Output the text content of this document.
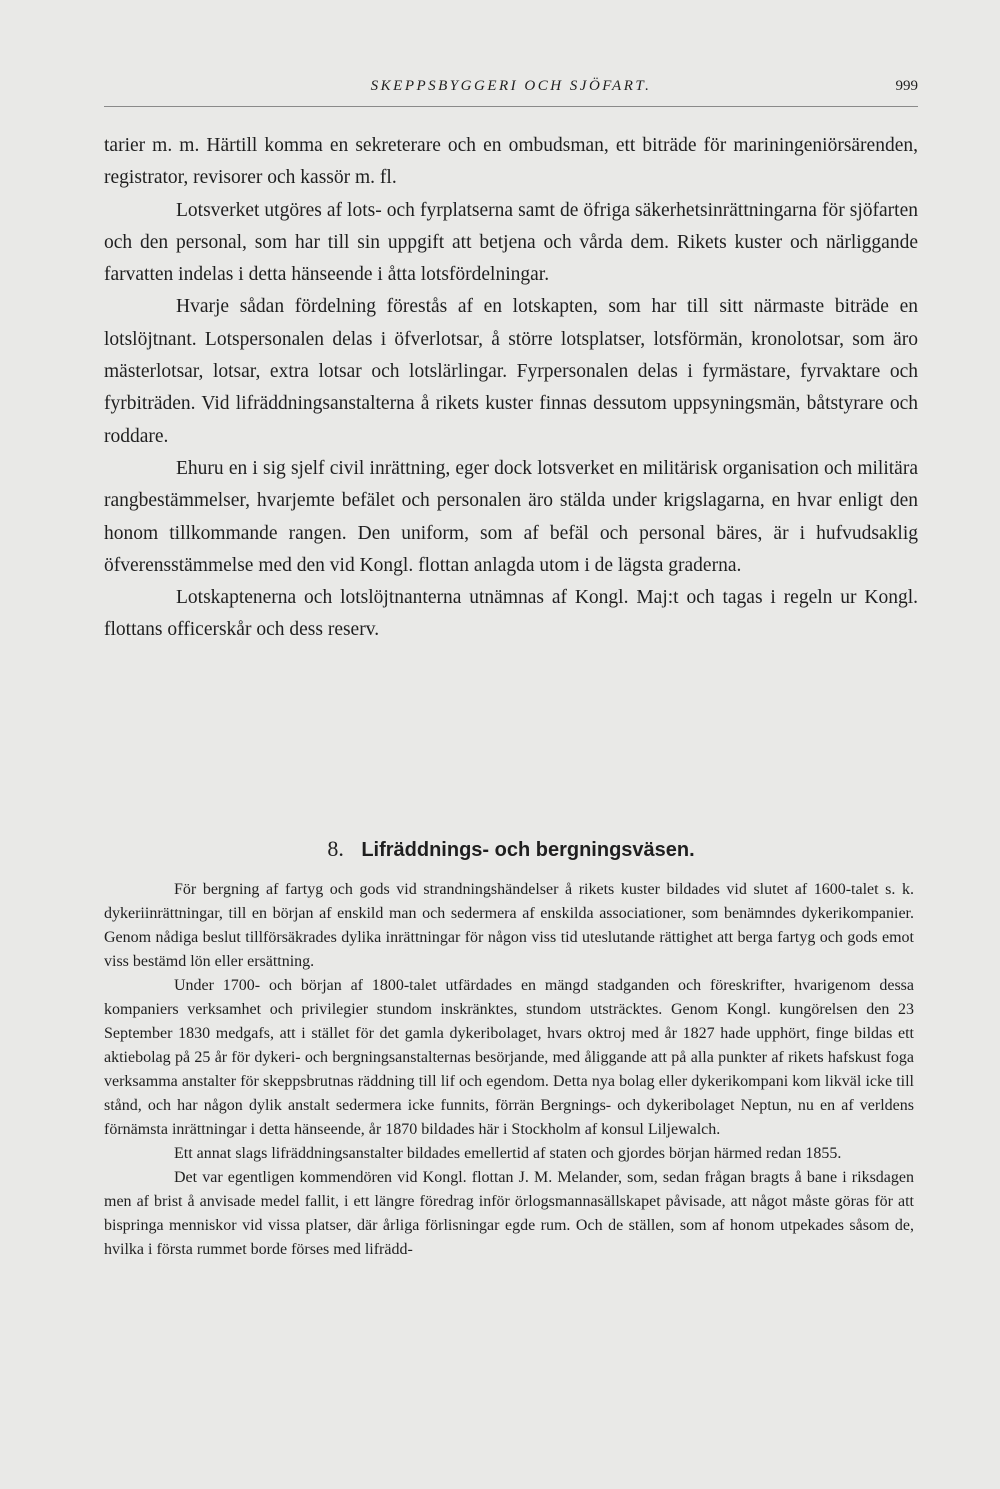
SKEPPSBYGGERI OCH SJÖFART.	999

tarier m. m. Härtill komma en sekreterare och en ombudsman, ett biträde för mariningeniörsärenden, registrator, revisorer och kassör m. fl.

Lotsverket utgöres af lots- och fyrplatserna samt de öfriga säkerhetsinrättningarna för sjöfarten och den personal, som har till sin uppgift att betjena och vårda dem. Rikets kuster och närliggande farvatten indelas i detta hänseende i åtta lotsfördelningar.

Hvarje sådan fördelning förestås af en lotskapten, som har till sitt närmaste biträde en lotslöjtnant. Lotspersonalen delas i öfverlotsar, å större lotsplatser, lotsförmän, kronolotsar, som äro mästerlotsar, lotsar, extra lotsar och lotslärlingar. Fyrpersonalen delas i fyrmästare, fyrvaktare och fyrbiträden. Vid lifräddningsanstalterna å rikets kuster finnas dessutom uppsyningsmän, båtstyrare och roddare.

Ehuru en i sig sjelf civil inrättning, eger dock lotsverket en militärisk organisation och militära rangbestämmelser, hvarjemte befälet och personalen äro stälda under krigslagarna, en hvar enligt den honom tillkommande rangen. Den uniform, som af befäl och personal bäres, är i hufvudsaklig öfverensstämmelse med den vid Kongl. flottan anlagda utom i de lägsta graderna.

Lotskaptenerna och lotslöjtnanterna utnämnas af Kongl. Maj:t och tagas i regeln ur Kongl. flottans officerskår och dess reserv.

8. Lifräddnings- och bergningsväsen.

För bergning af fartyg och gods vid strandningshändelser å rikets kuster bildades vid slutet af 1600-talet s. k. dykeriinrättningar, till en början af enskild man och sedermera af enskilda associationer, som benämndes dykerikompanier. Genom nådiga beslut tillförsäkrades dylika inrättningar för någon viss tid uteslutande rättighet att berga fartyg och gods emot viss bestämd lön eller ersättning.

Under 1700- och början af 1800-talet utfärdades en mängd stadganden och föreskrifter, hvarigenom dessa kompaniers verksamhet och privilegier stundom inskränktes, stundom utsträcktes. Genom Kongl. kungörelsen den 23 September 1830 medgafs, att i stället för det gamla dykeribolaget, hvars oktroj med år 1827 hade upphört, finge bildas ett aktiebolag på 25 år för dykeri- och bergningsanstalternas besörjande, med åliggande att på alla punkter af rikets hafskust foga verksamma anstalter för skeppsbrutnas räddning till lif och egendom. Detta nya bolag eller dykerikompani kom likväl icke till stånd, och har någon dylik anstalt sedermera icke funnits, förrän Bergnings- och dykeribolaget Neptun, nu en af verldens förnämsta inrättningar i detta hänseende, år 1870 bildades här i Stockholm af konsul Liljewalch.

Ett annat slags lifräddningsanstalter bildades emellertid af staten och gjordes början härmed redan 1855.

Det var egentligen kommendören vid Kongl. flottan J. M. Melander, som, sedan frågan bragts å bane i riksdagen men af brist å anvisade medel fallit, i ett längre föredrag inför örlogsmannasällskapet påvisade, att något måste göras för att bispringa menniskor vid vissa platser, där årliga förlisningar egde rum. Och de ställen, som af honom utpekades såsom de, hvilka i första rummet borde förses med lifrädd-
